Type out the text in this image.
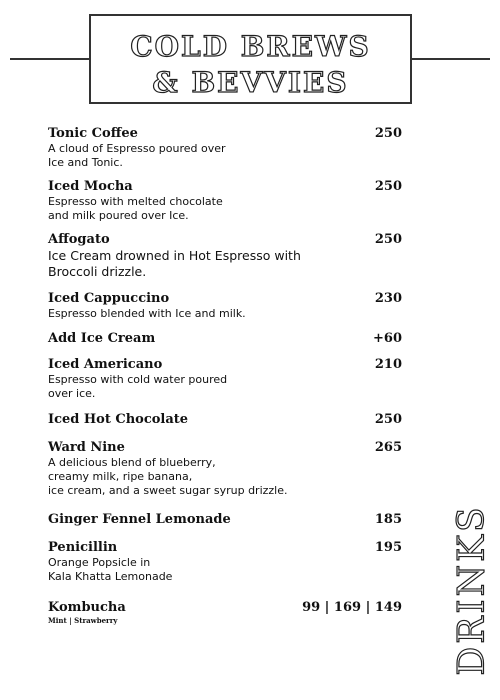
COLD BREWS
& BEVVIES
Tonic Coffee	250
A cloud of Espresso poured over
Ice and Tonic.
Iced Mocha	250
Espresso with melted chocolate
and milk poured over Ice.
Affogato	250
Ice Cream drowned in Hot Espresso with
Broccoli drizzle.
Iced Cappuccino	230
Espresso blended with Ice and milk.
Add Ice Cream	+60
Iced Americano	210
Espresso with cold water poured
over ice.
Iced Hot Chocolate	250
Ward Nine	265
A delicious blend of blueberry,
creamy milk, ripe banana,
ice cream, and a sweet sugar syrup drizzle.
Ginger Fennel Lemonade	185
Penicillin	195
Orange Popsicle in
Kala Khatta Lemonade
Kombucha	99 | 169 | 149
Mint | Strawberry	DRINKS
